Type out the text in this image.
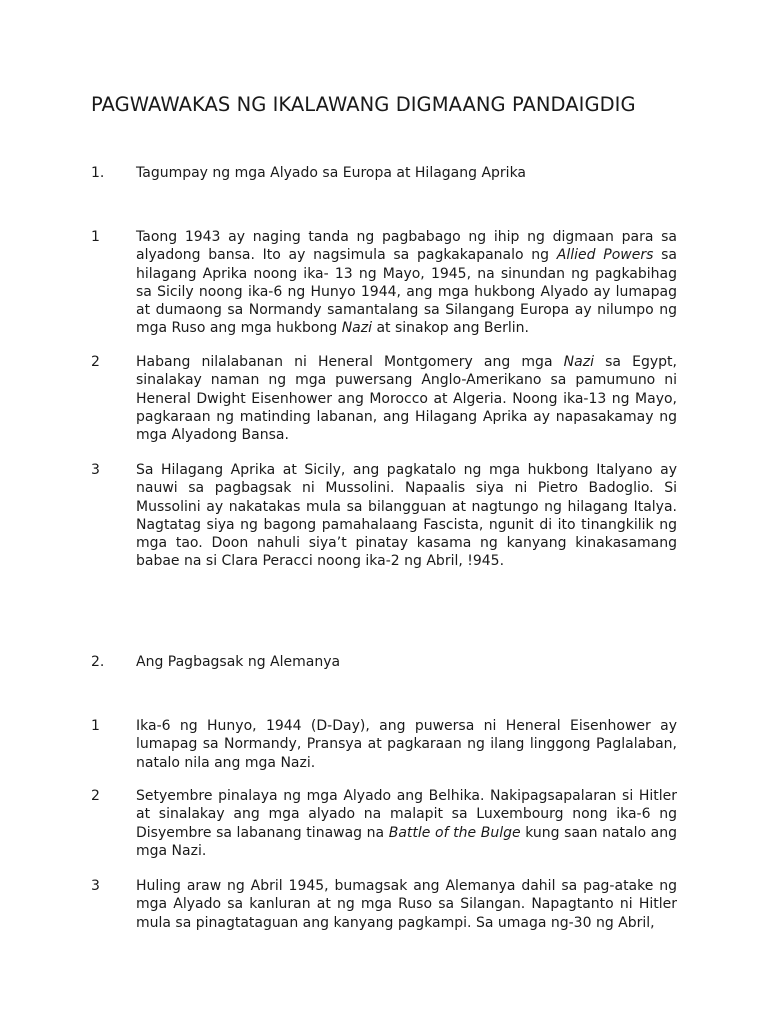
PAGWAWAKAS NG IKALAWANG DIGMAANG PANDAIGDIG
1. Tagumpay ng mga Alyado sa Europa at Hilagang Aprika
1	Taong 1943 ay naging tanda ng pagbabago ng ihip ng digmaan para sa alyadong bansa. Ito ay nagsimula sa pagkakapanalo ng Allied Powers sa hilagang Aprika noong ika- 13 ng Mayo, 1945, na sinundan ng pagkabihag sa Sicily noong ika-6 ng Hunyo 1944, ang mga hukbong Alyado ay lumapag at dumaong sa Normandy samantalang sa Silangang Europa ay nilumpo ng mga Ruso ang mga hukbong Nazi at sinakop ang Berlin.

2	Habang nilalabanan ni Heneral Montgomery ang mga Nazi sa Egypt, sinalakay naman ng mga puwersang Anglo-Amerikano sa pamumuno ni Heneral Dwight Eisenhower ang Morocco at Algeria. Noong ika-13 ng Mayo, pagkaraan ng matinding labanan, ang Hilagang Aprika ay napasakamay ng mga Alyadong Bansa.

3	Sa Hilagang Aprika at Sicily, ang pagkatalo ng mga hukbong Italyano ay nauwi sa pagbagsak ni Mussolini. Napaalis siya ni Pietro Badoglio. Si Mussolini ay nakatakas mula sa bilangguan at nagtungo ng hilagang Italya. Nagtatag siya ng bagong pamahalaang Fascista, ngunit di ito tinangkilik ng mga tao. Doon nahuli siya’t pinatay kasama ng kanyang kinakasamang babae na si Clara Peracci noong ika-2 ng Abril, !945.

2. Ang Pagbagsak ng Alemanya
1	Ika-6 ng Hunyo, 1944 (D-Day), ang puwersa ni Heneral Eisenhower ay lumapag sa Normandy, Pransya at pagkaraan ng ilang linggong Paglalaban, natalo nila ang mga Nazi.

2	Setyembre pinalaya ng mga Alyado ang Belhika. Nakipagsapalaran si Hitler at sinalakay ang mga alyado na malapit sa Luxembourg nong ika-6 ng Disyembre sa labanang tinawag na Battle of the Bulge kung saan natalo ang mga Nazi.

3	Huling araw ng Abril 1945, bumagsak ang Alemanya dahil sa pag-atake ng mga Alyado sa kanluran at ng mga Ruso sa Silangan. Napagtanto ni Hitler mula sa pinagtataguan ang kanyang pagkampi. Sa umaga ng-30 ng Abril,
